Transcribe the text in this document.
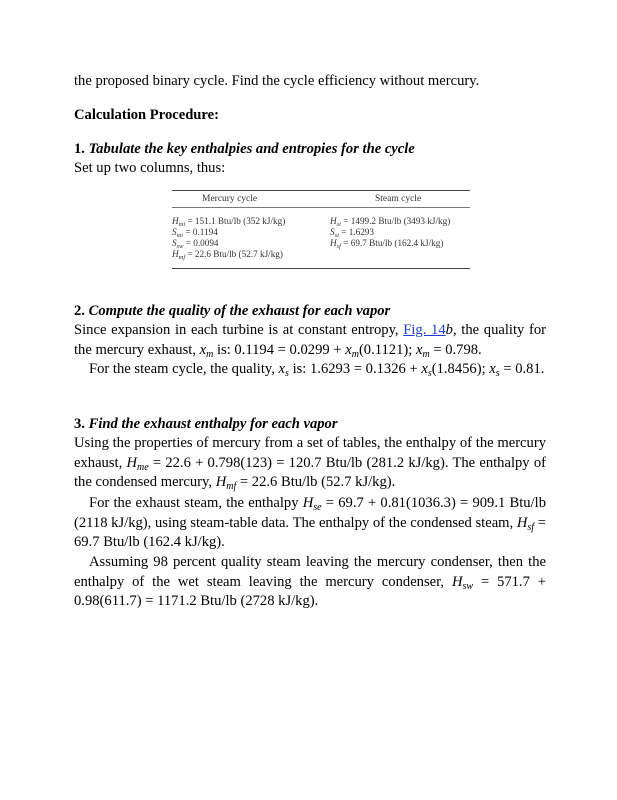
the proposed binary cycle. Find the cycle efficiency without mercury.

Calculation Procedure:

1. Tabulate the key enthalpies and entropies for the cycle

Set up two columns, thus:

Mercury cycle	Steam cycle
$H_{mi} = 151.1$ Btu/lb (352 kJ/kg)
$S_{mi} = 0.1194$
$S_{sw} = 0.0094$
$H_{mf} = 22.6$ Btu/lb (52.7 kJ/kg)
$H_{si} = 1499.2$ Btu/lb (3493 kJ/kg)
$S_{si} = 1.6293$
$H_{sf} = 69.7$ Btu/lb (162.4 kJ/kg)

2. Compute the quality of the exhaust for each vapor

Since expansion in each turbine is at constant entropy, Fig. 14b, the quality for the mercury exhaust, $x_m$ is: $0.1194 = 0.0299 + x_m(0.1121)$; $x_m = 0.798$.

For the steam cycle, the quality, $x_s$ is: $1.6293 = 0.1326 + x_s(1.8456)$; $x_s = 0.81$.

3. Find the exhaust enthalpy for each vapor

Using the properties of mercury from a set of tables, the enthalpy of the mercury exhaust, $H_{me} = 22.6 + 0.798(123) = 120.7$ Btu/lb (281.2 kJ/kg). The enthalpy of the condensed mercury, $H_{mf} = 22.6$ Btu/lb (52.7 kJ/kg).

For the exhaust steam, the enthalpy $H_{se} = 69.7 + 0.81(1036.3) = 909.1$ Btu/lb (2118 kJ/kg), using steam-table data. The enthalpy of the condensed steam, $H_{sf} = 69.7$ Btu/lb (162.4 kJ/kg).

Assuming 98 percent quality steam leaving the mercury condenser, then the enthalpy of the wet steam leaving the mercury condenser, $H_{sw} = 571.7 + 0.98(611.7) = 1171.2$ Btu/lb (2728 kJ/kg).
